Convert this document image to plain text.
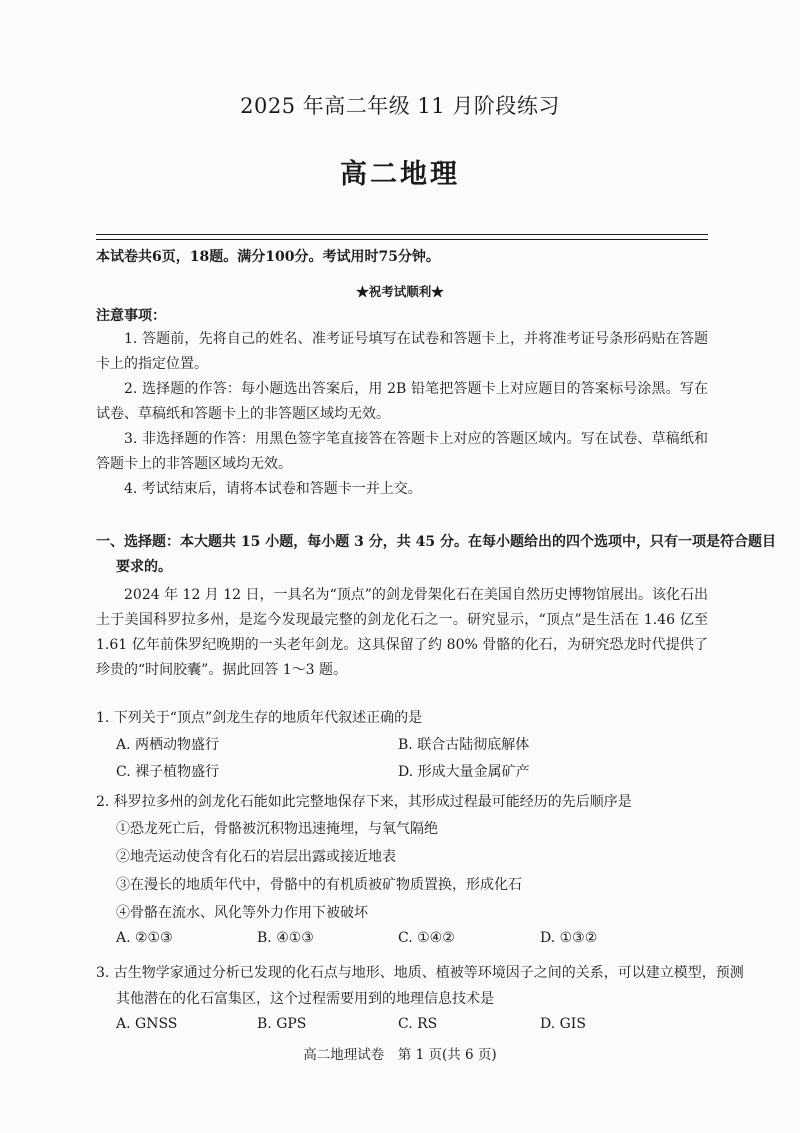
2025 年高二年级 11 月阶段练习
高二地理
本试卷共6页，18题。满分100分。考试用时75分钟。
★祝考试顺利★
注意事项：

1. 答题前，先将自己的姓名、准考证号填写在试卷和答题卡上，并将准考证号条形码贴在答题卡上的指定位置。

2. 选择题的作答：每小题选出答案后，用 2B 铅笔把答题卡上对应题目的答案标号涂黑。写在试卷、草稿纸和答题卡上的非答题区域均无效。

3. 非选择题的作答：用黑色签字笔直接答在答题卡上对应的答题区域内。写在试卷、草稿纸和答题卡上的非答题区域均无效。

4. 考试结束后，请将本试卷和答题卡一并上交。

一、选择题：本大题共 15 小题，每小题 3 分，共 45 分。在每小题给出的四个选项中，只有一项是符合题目
要求的。

2024 年 12 月 12 日，一具名为“顶点”的剑龙骨架化石在美国自然历史博物馆展出。该化石出土于美国科罗拉多州，是迄今发现最完整的剑龙化石之一。研究显示，“顶点”是生活在 1.46 亿至 1.61 亿年前侏罗纪晚期的一头老年剑龙。这具保留了约 80% 骨骼的化石，为研究恐龙时代提供了珍贵的“时间胶囊”。据此回答 1～3 题。

1. 下列关于“顶点”剑龙生存的地质年代叙述正确的是
A. 两栖动物盛行	B. 联合古陆彻底解体
C. 裸子植物盛行	D. 形成大量金属矿产
2. 科罗拉多州的剑龙化石能如此完整地保存下来，其形成过程最可能经历的先后顺序是
①恐龙死亡后，骨骼被沉积物迅速掩埋，与氧气隔绝
②地壳运动使含有化石的岩层出露或接近地表
③在漫长的地质年代中，骨骼中的有机质被矿物质置换，形成化石
④骨骼在流水、风化等外力作用下被破坏
A. ②①③	B. ④①③	C. ①④②	D. ①③②
3. 古生物学家通过分析已发现的化石点与地形、地质、植被等环境因子之间的关系，可以建立模型，预测
其他潜在的化石富集区，这个过程需要用到的地理信息技术是
A. GNSS	B. GPS	C. RS	D. GIS
高二地理试卷　第 1 页(共 6 页)
